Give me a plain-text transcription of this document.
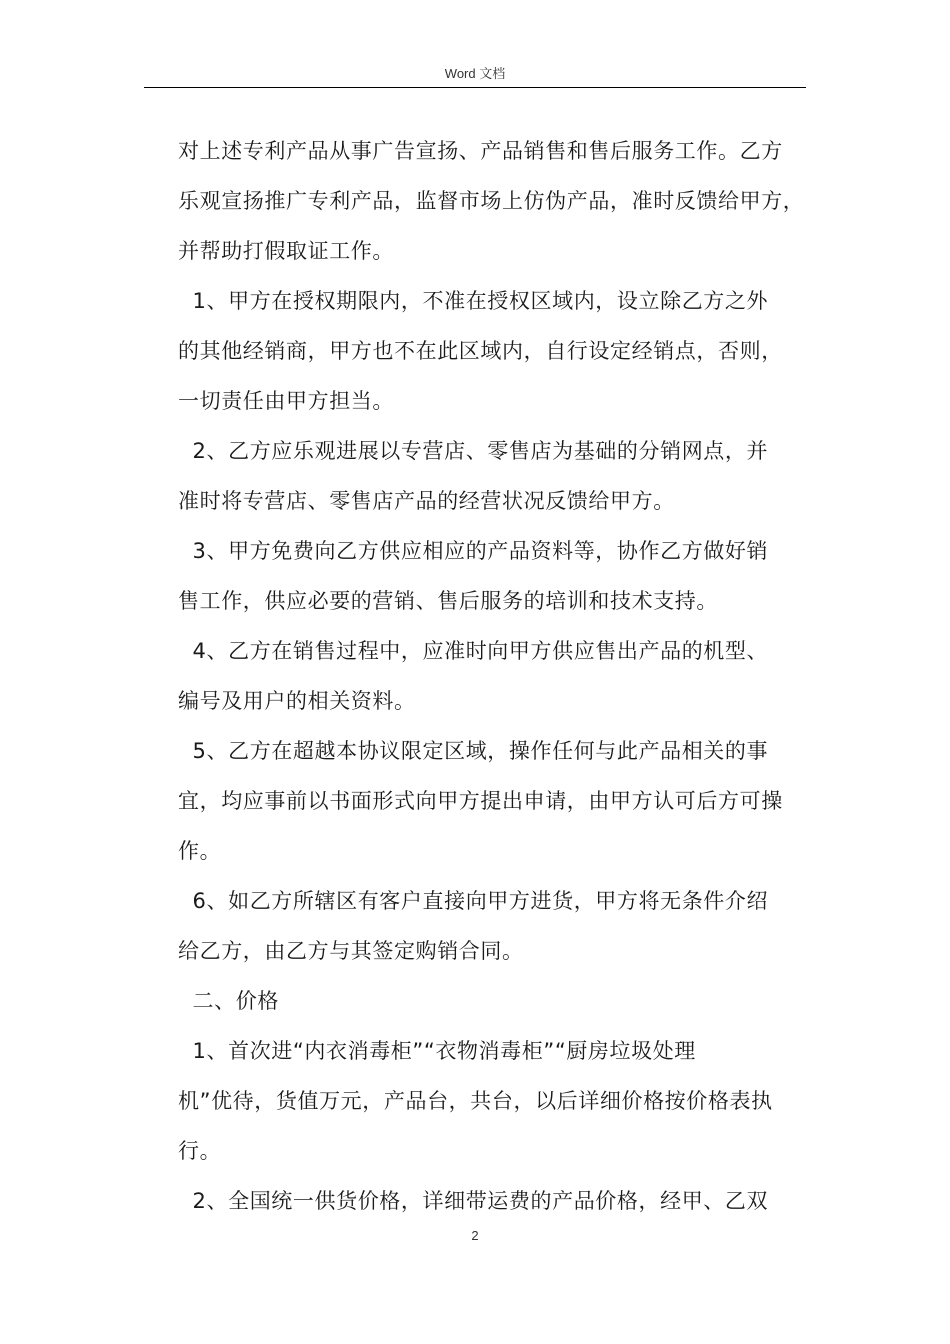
Word 文档
对上述专利产品从事广告宣扬、产品销售和售后服务工作。乙方
乐观宣扬推广专利产品，监督市场上仿伪产品，准时反馈给甲方，
并帮助打假取证工作。
1、甲方在授权期限内，不准在授权区域内，设立除乙方之外
的其他经销商，甲方也不在此区域内，自行设定经销点，否则，
一切责任由甲方担当。
2、乙方应乐观进展以专营店、零售店为基础的分销网点，并
准时将专营店、零售店产品的经营状况反馈给甲方。
3、甲方免费向乙方供应相应的产品资料等，协作乙方做好销
售工作，供应必要的营销、售后服务的培训和技术支持。
4、乙方在销售过程中，应准时向甲方供应售出产品的机型、
编号及用户的相关资料。
5、乙方在超越本协议限定区域，操作任何与此产品相关的事
宜，均应事前以书面形式向甲方提出申请，由甲方认可后方可操
作。
6、如乙方所辖区有客户直接向甲方进货，甲方将无条件介绍
给乙方，由乙方与其签定购销合同。
二、价格
1、首次进“内衣消毒柜”“衣物消毒柜”“厨房垃圾处理
机”优待，货值万元，产品台，共台，以后详细价格按价格表执
行。
2、全国统一供货价格，详细带运费的产品价格，经甲、乙双
2
